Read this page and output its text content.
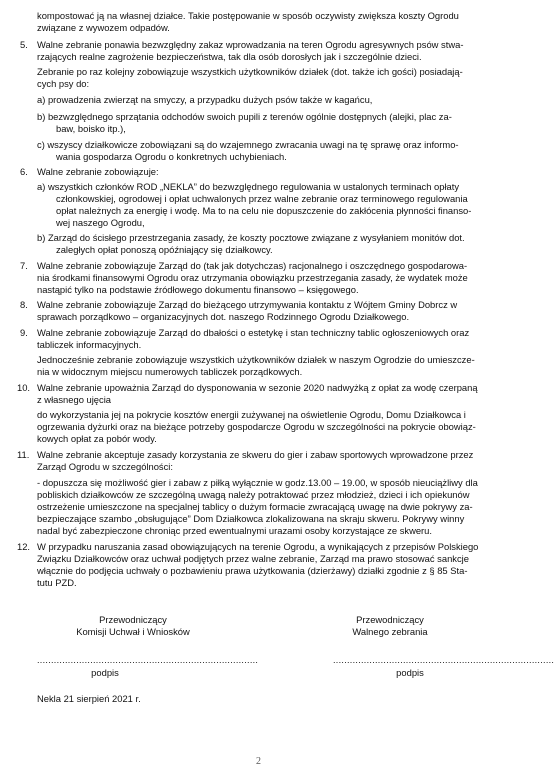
kompostować ją na własnej działce. Takie postępowanie w sposób oczywisty zwiększa koszty Ogrodu
związane z wywozem odpadów.
5. Walne zebranie ponawia bezwzględny zakaz wprowadzania na teren Ogrodu agresywnych psów stwa-
rzających realne zagrożenie bezpieczeństwa, tak dla osób dorosłych jak i szczególnie dzieci.
Zebranie po raz kolejny zobowiązuje wszystkich użytkowników działek (dot. także ich gości) posiadają-
cych psy do:
a) prowadzenia zwierząt na smyczy, a przypadku dużych psów także w kagańcu,
b) bezwzględnego sprzątania odchodów swoich pupili z terenów ogólnie dostępnych (alejki, plac za-
baw, boisko itp.),
c) wszyscy działkowicze zobowiązani są do wzajemnego zwracania uwagi na tę sprawę oraz informo-
wania gospodarza Ogrodu o konkretnych uchybieniach.
6. Walne zebranie zobowiązuje:
a) wszystkich członków ROD „NEKLA” do bezwzględnego regulowania w ustalonych terminach opłaty
członkowskiej, ogrodowej i opłat uchwalonych przez walne zebranie oraz terminowego regulowania
opłat należnych za energię i wodę. Ma to na celu nie dopuszczenie do zakłócenia płynności finanso-
wej naszego Ogrodu,
b) Zarząd do ścisłego przestrzegania zasady, że koszty pocztowe związane z wysyłaniem monitów dot.
zaległych opłat ponoszą opóźniający się działkowcy.
7. Walne zebranie zobowiązuje Zarząd do (tak jak dotychczas) racjonalnego i oszczędnego gospodarowa-
nia środkami finansowymi Ogrodu oraz utrzymania obowiązku przestrzegania zasady, że wydatek może
nastąpić tylko na podstawie źródłowego dokumentu finansowo – księgowego.
8. Walne zebranie zobowiązuje Zarząd do bieżącego utrzymywania kontaktu z Wójtem Gminy Dobrcz w
sprawach porządkowo – organizacyjnych dot. naszego Rodzinnego Ogrodu Działkowego.
9. Walne zebranie zobowiązuje Zarząd do dbałości o estetykę i stan techniczny tablic ogłoszeniowych oraz
tabliczek informacyjnych.
Jednocześnie zebranie zobowiązuje wszystkich użytkowników działek w naszym Ogrodzie do umieszcze-
nia w widocznym miejscu numerowych tabliczek porządkowych.
10. Walne zebranie upoważnia Zarząd do dysponowania w sezonie 2020 nadwyżką z opłat za wodę czerpaną
z własnego ujęcia
do wykorzystania jej na pokrycie kosztów energii zużywanej na oświetlenie Ogrodu, Domu Działkowca i
ogrzewania dyżurki oraz na bieżące potrzeby gospodarcze Ogrodu w szczególności na pokrycie obowiąz-
kowych opłat za pobór wody.
11. Walne zebranie akceptuje zasady korzystania ze skweru do gier i zabaw sportowych wprowadzone przez
Zarząd Ogrodu w szczególności:
- dopuszcza się możliwość gier i zabaw z piłką wyłącznie w godz.13.00 – 19.00, w sposób nieuciążliwy dla
pobliskich działkowców ze szczególną uwagą należy potraktować przez młodzież, dzieci i ich opiekunów
ostrzeżenie umieszczone na specjalnej tablicy o dużym formacie zwracającą uwagę na dwie pokrywy za-
bezpieczające szambo „obsługujące” Dom Działkowca zlokalizowana na skraju skweru. Pokrywy winny
nadal być zabezpieczone chroniąc przed ewentualnymi urazami osoby korzystające ze skweru.
12. W przypadku naruszania zasad obowiązujących na terenie Ogrodu, a wynikających z przepisów Polskiego
Związku Działkowców oraz uchwał podjętych przez walne zebranie, Zarząd ma prawo stosować sankcje
włącznie do podjęcia uchwały o pozbawieniu prawa użytkowania (dzierżawy) działki zgodnie z § 85 Sta-
tutu PZD.
Przewodniczący
Komisji Uchwał i Wniosków
Przewodniczący
Walnego zebrania
...............................................................................	...............................................................................
podpis	podpis
Nekla 21 sierpień 2021 r.
2
